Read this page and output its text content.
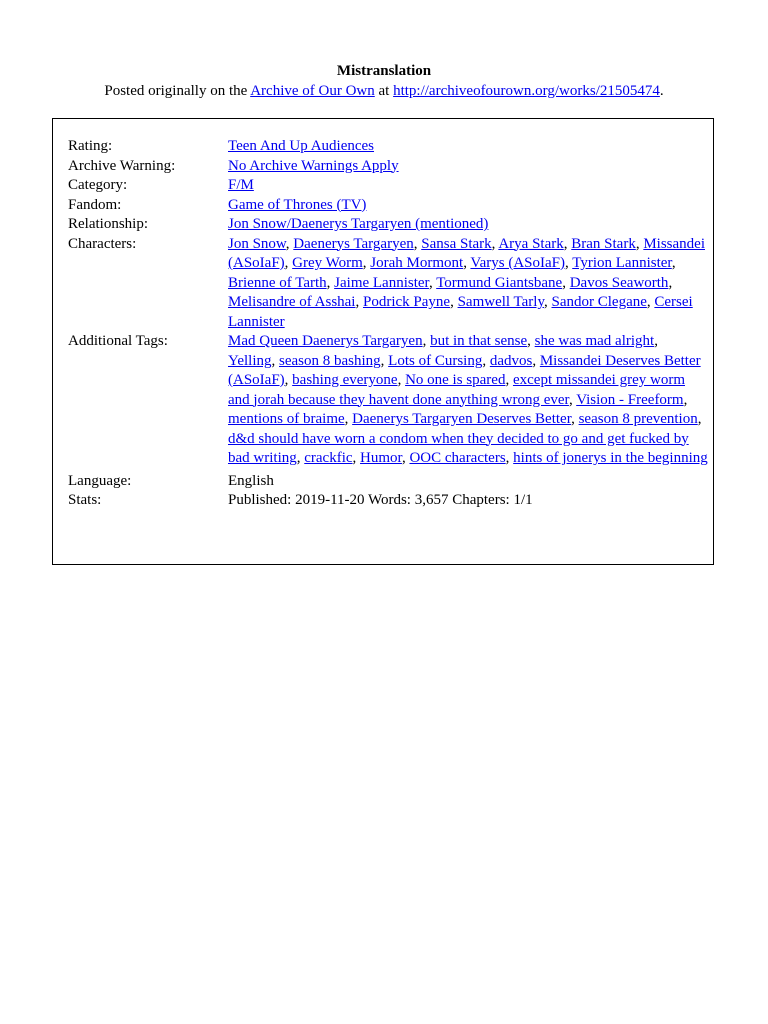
Mistranslation
Posted originally on the Archive of Our Own at http://archiveofourown.org/works/21505474.
Rating:	Teen And Up Audiences
Archive Warning:	No Archive Warnings Apply
Category:	F/M
Fandom:	Game of Thrones (TV)
Relationship:	Jon Snow/Daenerys Targaryen (mentioned)
Characters:	Jon Snow, Daenerys Targaryen, Sansa Stark, Arya Stark, Bran Stark, Missandei (ASoIaF), Grey Worm, Jorah Mormont, Varys (ASoIaF), Tyrion Lannister, Brienne of Tarth, Jaime Lannister, Tormund Giantsbane, Davos Seaworth, Melisandre of Asshai, Podrick Payne, Samwell Tarly, Sandor Clegane, Cersei Lannister
Additional Tags:	Mad Queen Daenerys Targaryen, but in that sense, she was mad alright, Yelling, season 8 bashing, Lots of Cursing, dadvos, Missandei Deserves Better (ASoIaF), bashing everyone, No one is spared, except missandei grey worm and jorah because they havent done anything wrong ever, Vision - Freeform, mentions of braime, Daenerys Targaryen Deserves Better, season 8 prevention, d&d should have worn a condom when they decided to go and get fucked by bad writing, crackfic, Humor, OOC characters, hints of jonerys in the beginning
Language:	English
Stats:	Published: 2019-11-20 Words: 3,657 Chapters: 1/1
